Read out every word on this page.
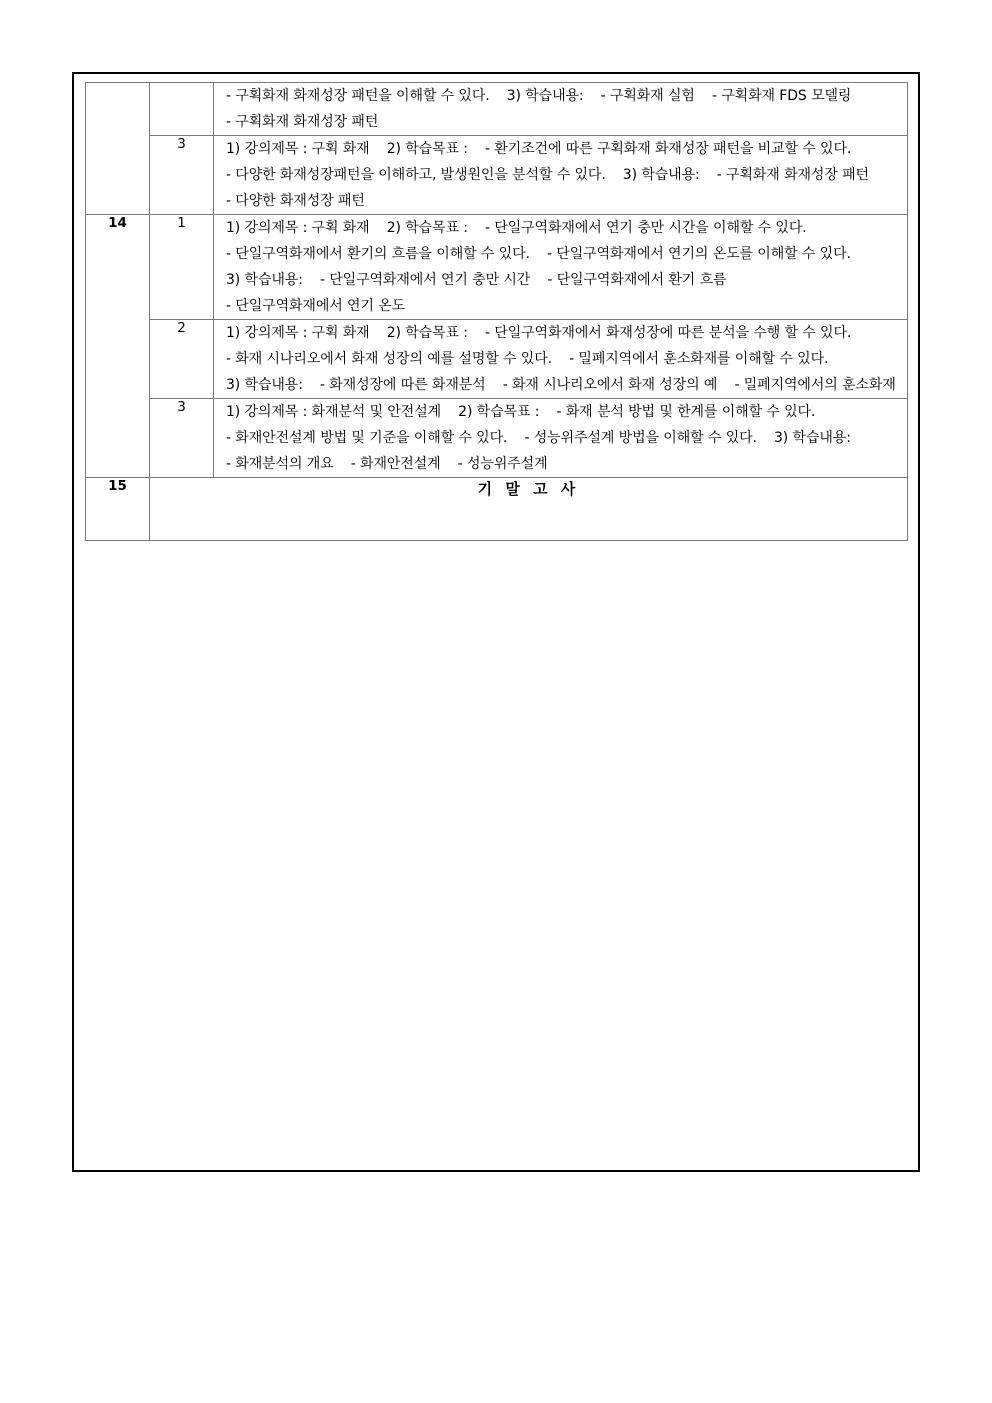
		- 구획화재 화재성장 패턴을 이해할 수 있다. 3) 학습내용: - 구획화재 실험 - 구획화재 FDS 모델링 - 구획화재 화재성장 패턴

	3	1) 강의제목 : 구획 화재 2) 학습목표 : - 환기조건에 따른 구획화재 화재성장 패턴을 비교할 수 있다. - 다양한 화재성장패턴을 이해하고, 발생원인을 분석할 수 있다. 3) 학습내용: - 구획화재 화재성장 패턴 - 다양한 화재성장 패턴

14	1	1) 강의제목 : 구획 화재 2) 학습목표 : - 단일구역화재에서 연기 충만 시간을 이해할 수 있다. - 단일구역화재에서 환기의 흐름을 이해할 수 있다. - 단일구역화재에서 연기의 온도를 이해할 수 있다. 3) 학습내용: - 단일구역화재에서 연기 충만 시간 - 단일구역화재에서 환기 흐름 - 단일구역화재에서 연기 온도

	2	1) 강의제목 : 구획 화재 2) 학습목표 : - 단일구역화재에서 화재성장에 따른 분석을 수행 할 수 있다. - 화재 시나리오에서 화재 성장의 예를 설명할 수 있다. - 밀폐지역에서 훈소화재를 이해할 수 있다. 3) 학습내용: - 화재성장에 따른 화재분석 - 화재 시나리오에서 화재 성장의 예 - 밀폐지역에서의 훈소화재

	3	1) 강의제목 : 화재분석 및 안전설계 2) 학습목표 : - 화재 분석 방법 및 한계를 이해할 수 있다. - 화재안전설계 방법 및 기준을 이해할 수 있다. - 성능위주설계 방법을 이해할 수 있다. 3) 학습내용: - 화재분석의 개요 - 화재안전설계 - 성능위주설계

15	기 말 고 사	
